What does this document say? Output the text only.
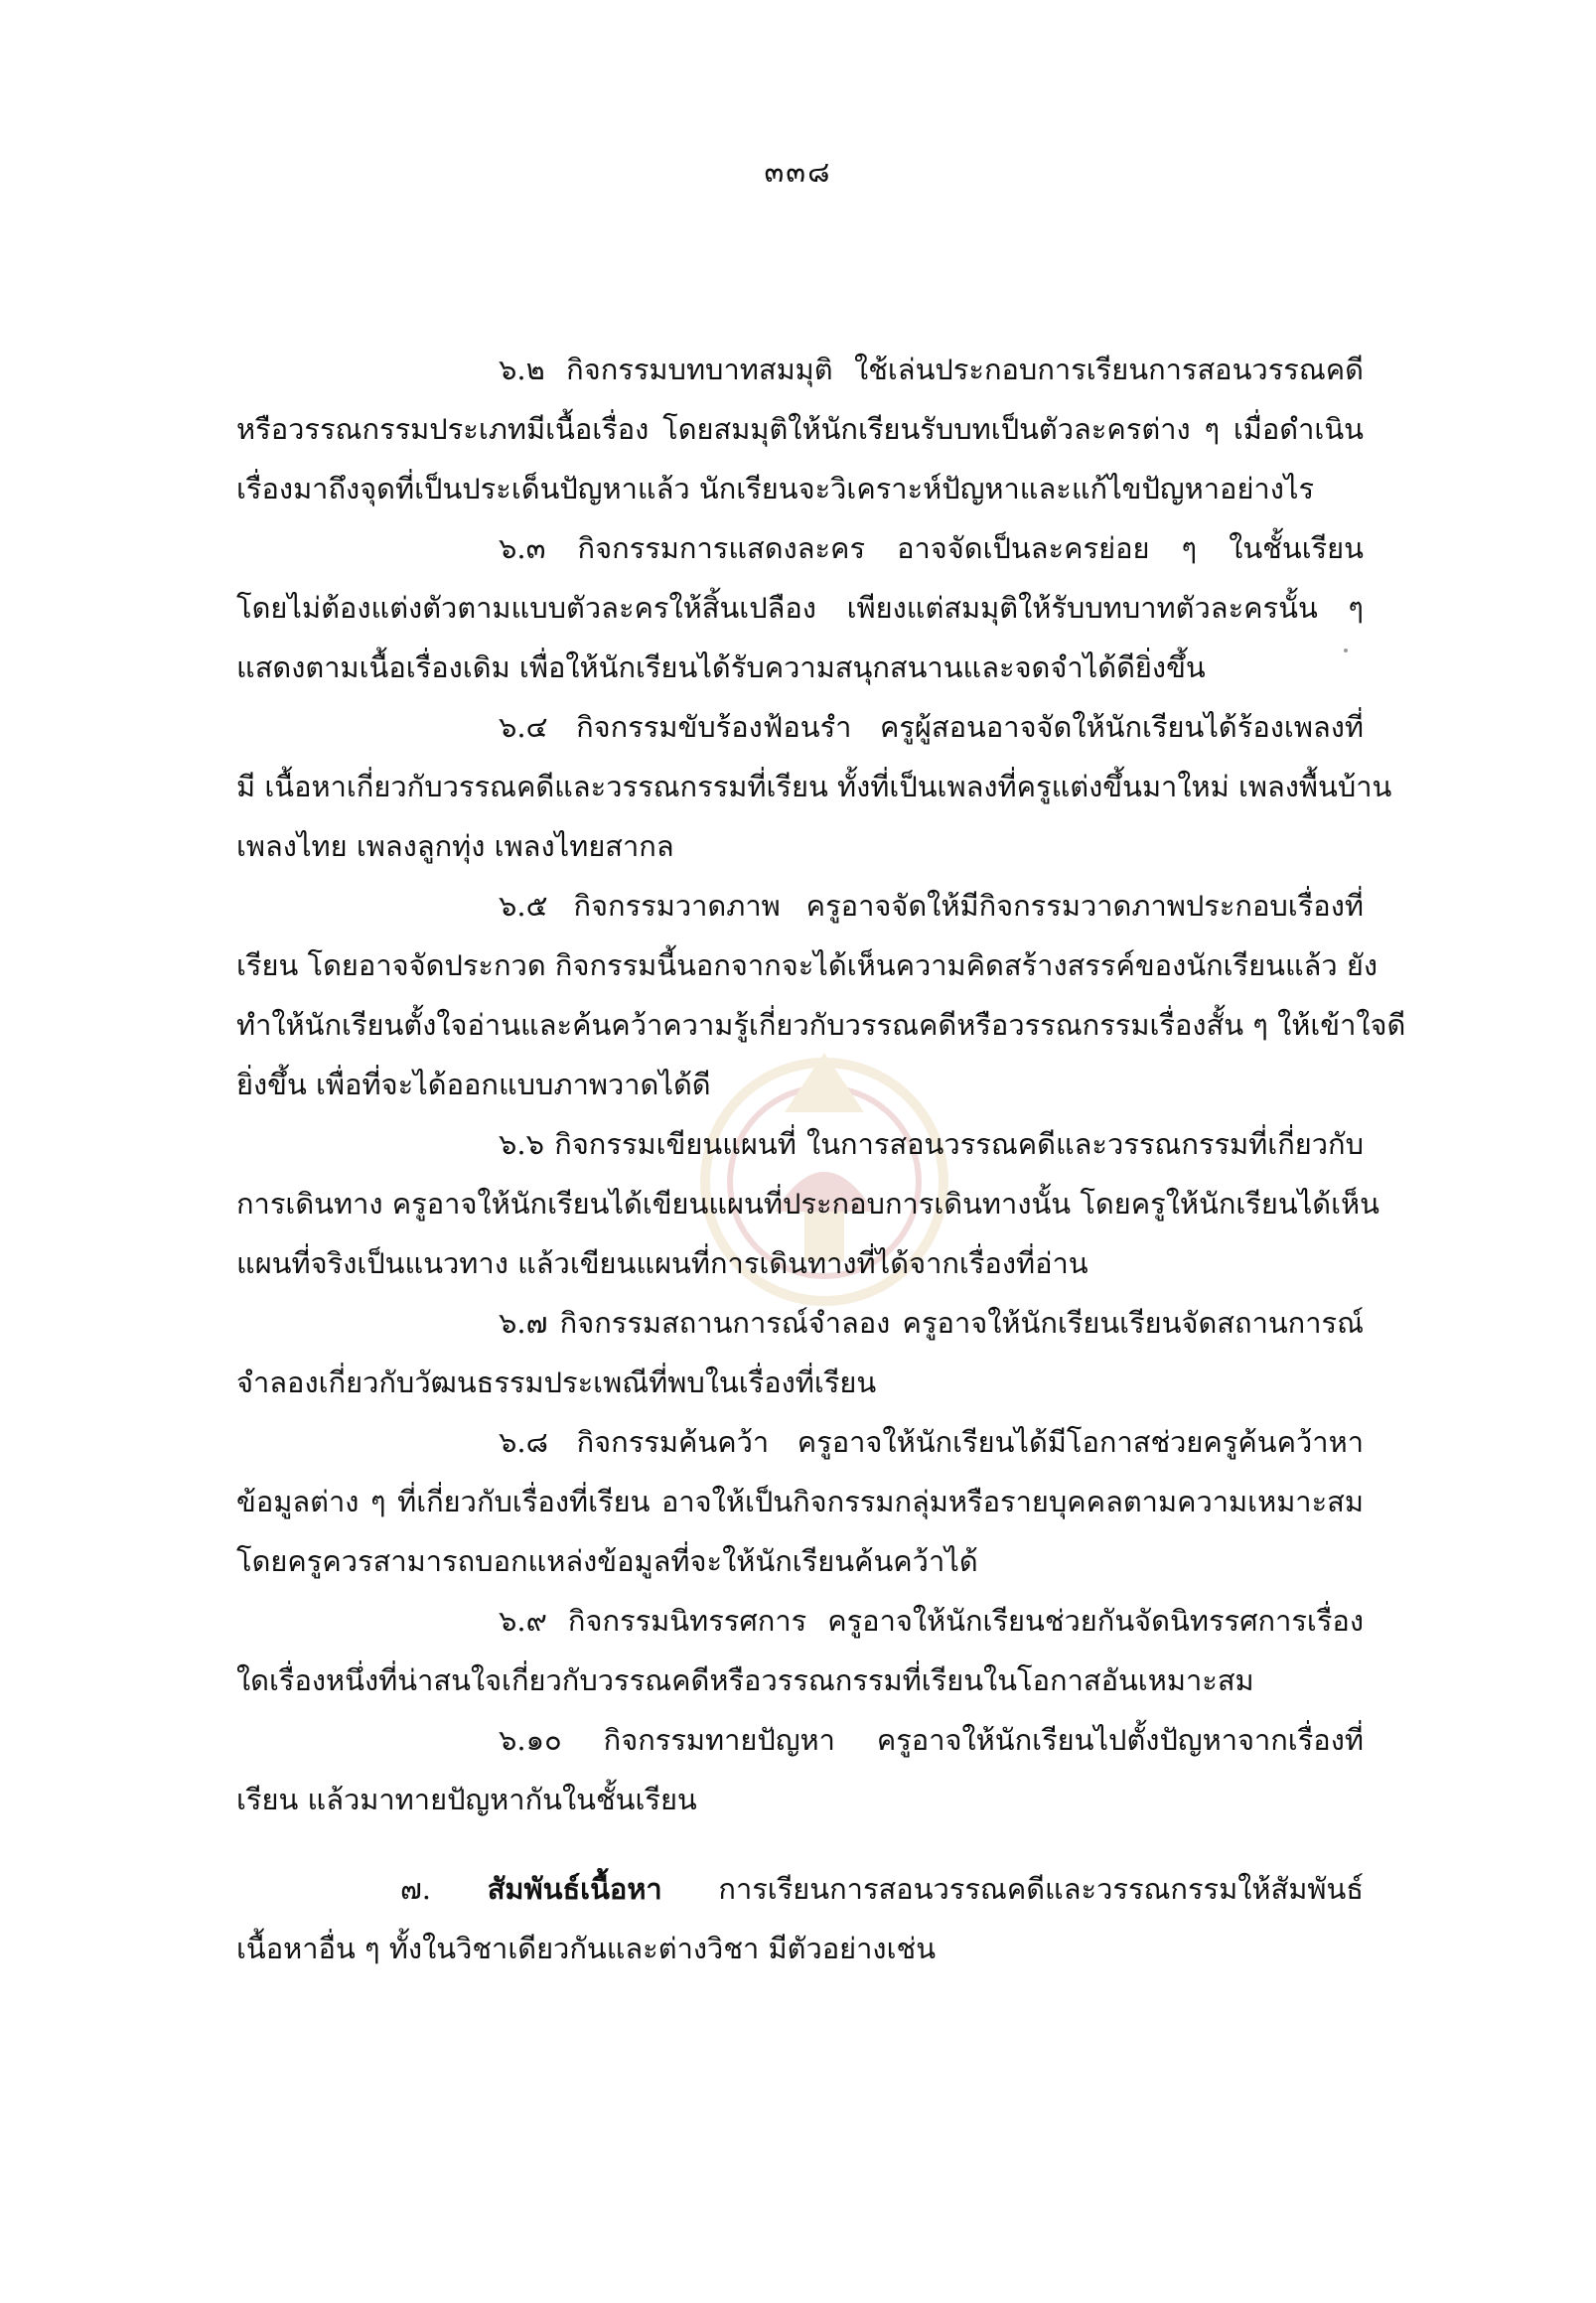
๓๓๘

๖.๒ กิจกรรมบทบาทสมมุติ ใช้เล่นประกอบการเรียนการสอนวรรณคดี
หรือวรรณกรรมประเภทมีเนื้อเรื่อง โดยสมมุติให้นักเรียนรับบทเป็นตัวละครต่าง ๆ เมื่อดำเนิน
เรื่องมาถึงจุดที่เป็นประเด็นปัญหาแล้ว นักเรียนจะวิเคราะห์ปัญหาและแก้ไขปัญหาอย่างไร

๖.๓ กิจกรรมการแสดงละคร อาจจัดเป็นละครย่อย ๆ ในชั้นเรียน
โดยไม่ต้องแต่งตัวตามแบบตัวละครให้สิ้นเปลือง เพียงแต่สมมุติให้รับบทบาทตัวละครนั้น ๆ
แสดงตามเนื้อเรื่องเดิม เพื่อให้นักเรียนได้รับความสนุกสนานและจดจำได้ดียิ่งขึ้น

๖.๔ กิจกรรมขับร้องฟ้อนรำ ครูผู้สอนอาจจัดให้นักเรียนได้ร้องเพลงที่
มี เนื้อหาเกี่ยวกับวรรณคดีและวรรณกรรมที่เรียน ทั้งที่เป็นเพลงที่ครูแต่งขึ้นมาใหม่ เพลงพื้นบ้าน
เพลงไทย เพลงลูกทุ่ง เพลงไทยสากล

๖.๕ กิจกรรมวาดภาพ ครูอาจจัดให้มีกิจกรรมวาดภาพประกอบเรื่องที่
เรียน โดยอาจจัดประกวด กิจกรรมนี้นอกจากจะได้เห็นความคิดสร้างสรรค์ของนักเรียนแล้ว ยัง
ทำให้นักเรียนตั้งใจอ่านและค้นคว้าความรู้เกี่ยวกับวรรณคดีหรือวรรณกรรมเรื่องสั้น ๆ ให้เข้าใจดี
ยิ่งขึ้น เพื่อที่จะได้ออกแบบภาพวาดได้ดี

๖.๖ กิจกรรมเขียนแผนที่ ในการสอนวรรณคดีและวรรณกรรมที่เกี่ยวกับ
การเดินทาง ครูอาจให้นักเรียนได้เขียนแผนที่ประกอบการเดินทางนั้น โดยครูให้นักเรียนได้เห็น
แผนที่จริงเป็นแนวทาง แล้วเขียนแผนที่การเดินทางที่ได้จากเรื่องที่อ่าน

๖.๗ กิจกรรมสถานการณ์จำลอง ครูอาจให้นักเรียนเรียนจัดสถานการณ์
จำลองเกี่ยวกับวัฒนธรรมประเพณีที่พบในเรื่องที่เรียน

๖.๘ กิจกรรมค้นคว้า ครูอาจให้นักเรียนได้มีโอกาสช่วยครูค้นคว้าหา
ข้อมูลต่าง ๆ ที่เกี่ยวกับเรื่องที่เรียน อาจให้เป็นกิจกรรมกลุ่มหรือรายบุคคลตามความเหมาะสม
โดยครูควรสามารถบอกแหล่งข้อมูลที่จะให้นักเรียนค้นคว้าได้

๖.๙ กิจกรรมนิทรรศการ ครูอาจให้นักเรียนช่วยกันจัดนิทรรศการเรื่อง
ใดเรื่องหนึ่งที่น่าสนใจเกี่ยวกับวรรณคดีหรือวรรณกรรมที่เรียนในโอกาสอันเหมาะสม

๖.๑๐ กิจกรรมทายปัญหา ครูอาจให้นักเรียนไปตั้งปัญหาจากเรื่องที่
เรียน แล้วมาทายปัญหากันในชั้นเรียน

๗. สัมพันธ์เนื้อหา การเรียนการสอนวรรณคดีและวรรณกรรมให้สัมพันธ์
เนื้อหาอื่น ๆ ทั้งในวิชาเดียวกันและต่างวิชา มีตัวอย่างเช่น
